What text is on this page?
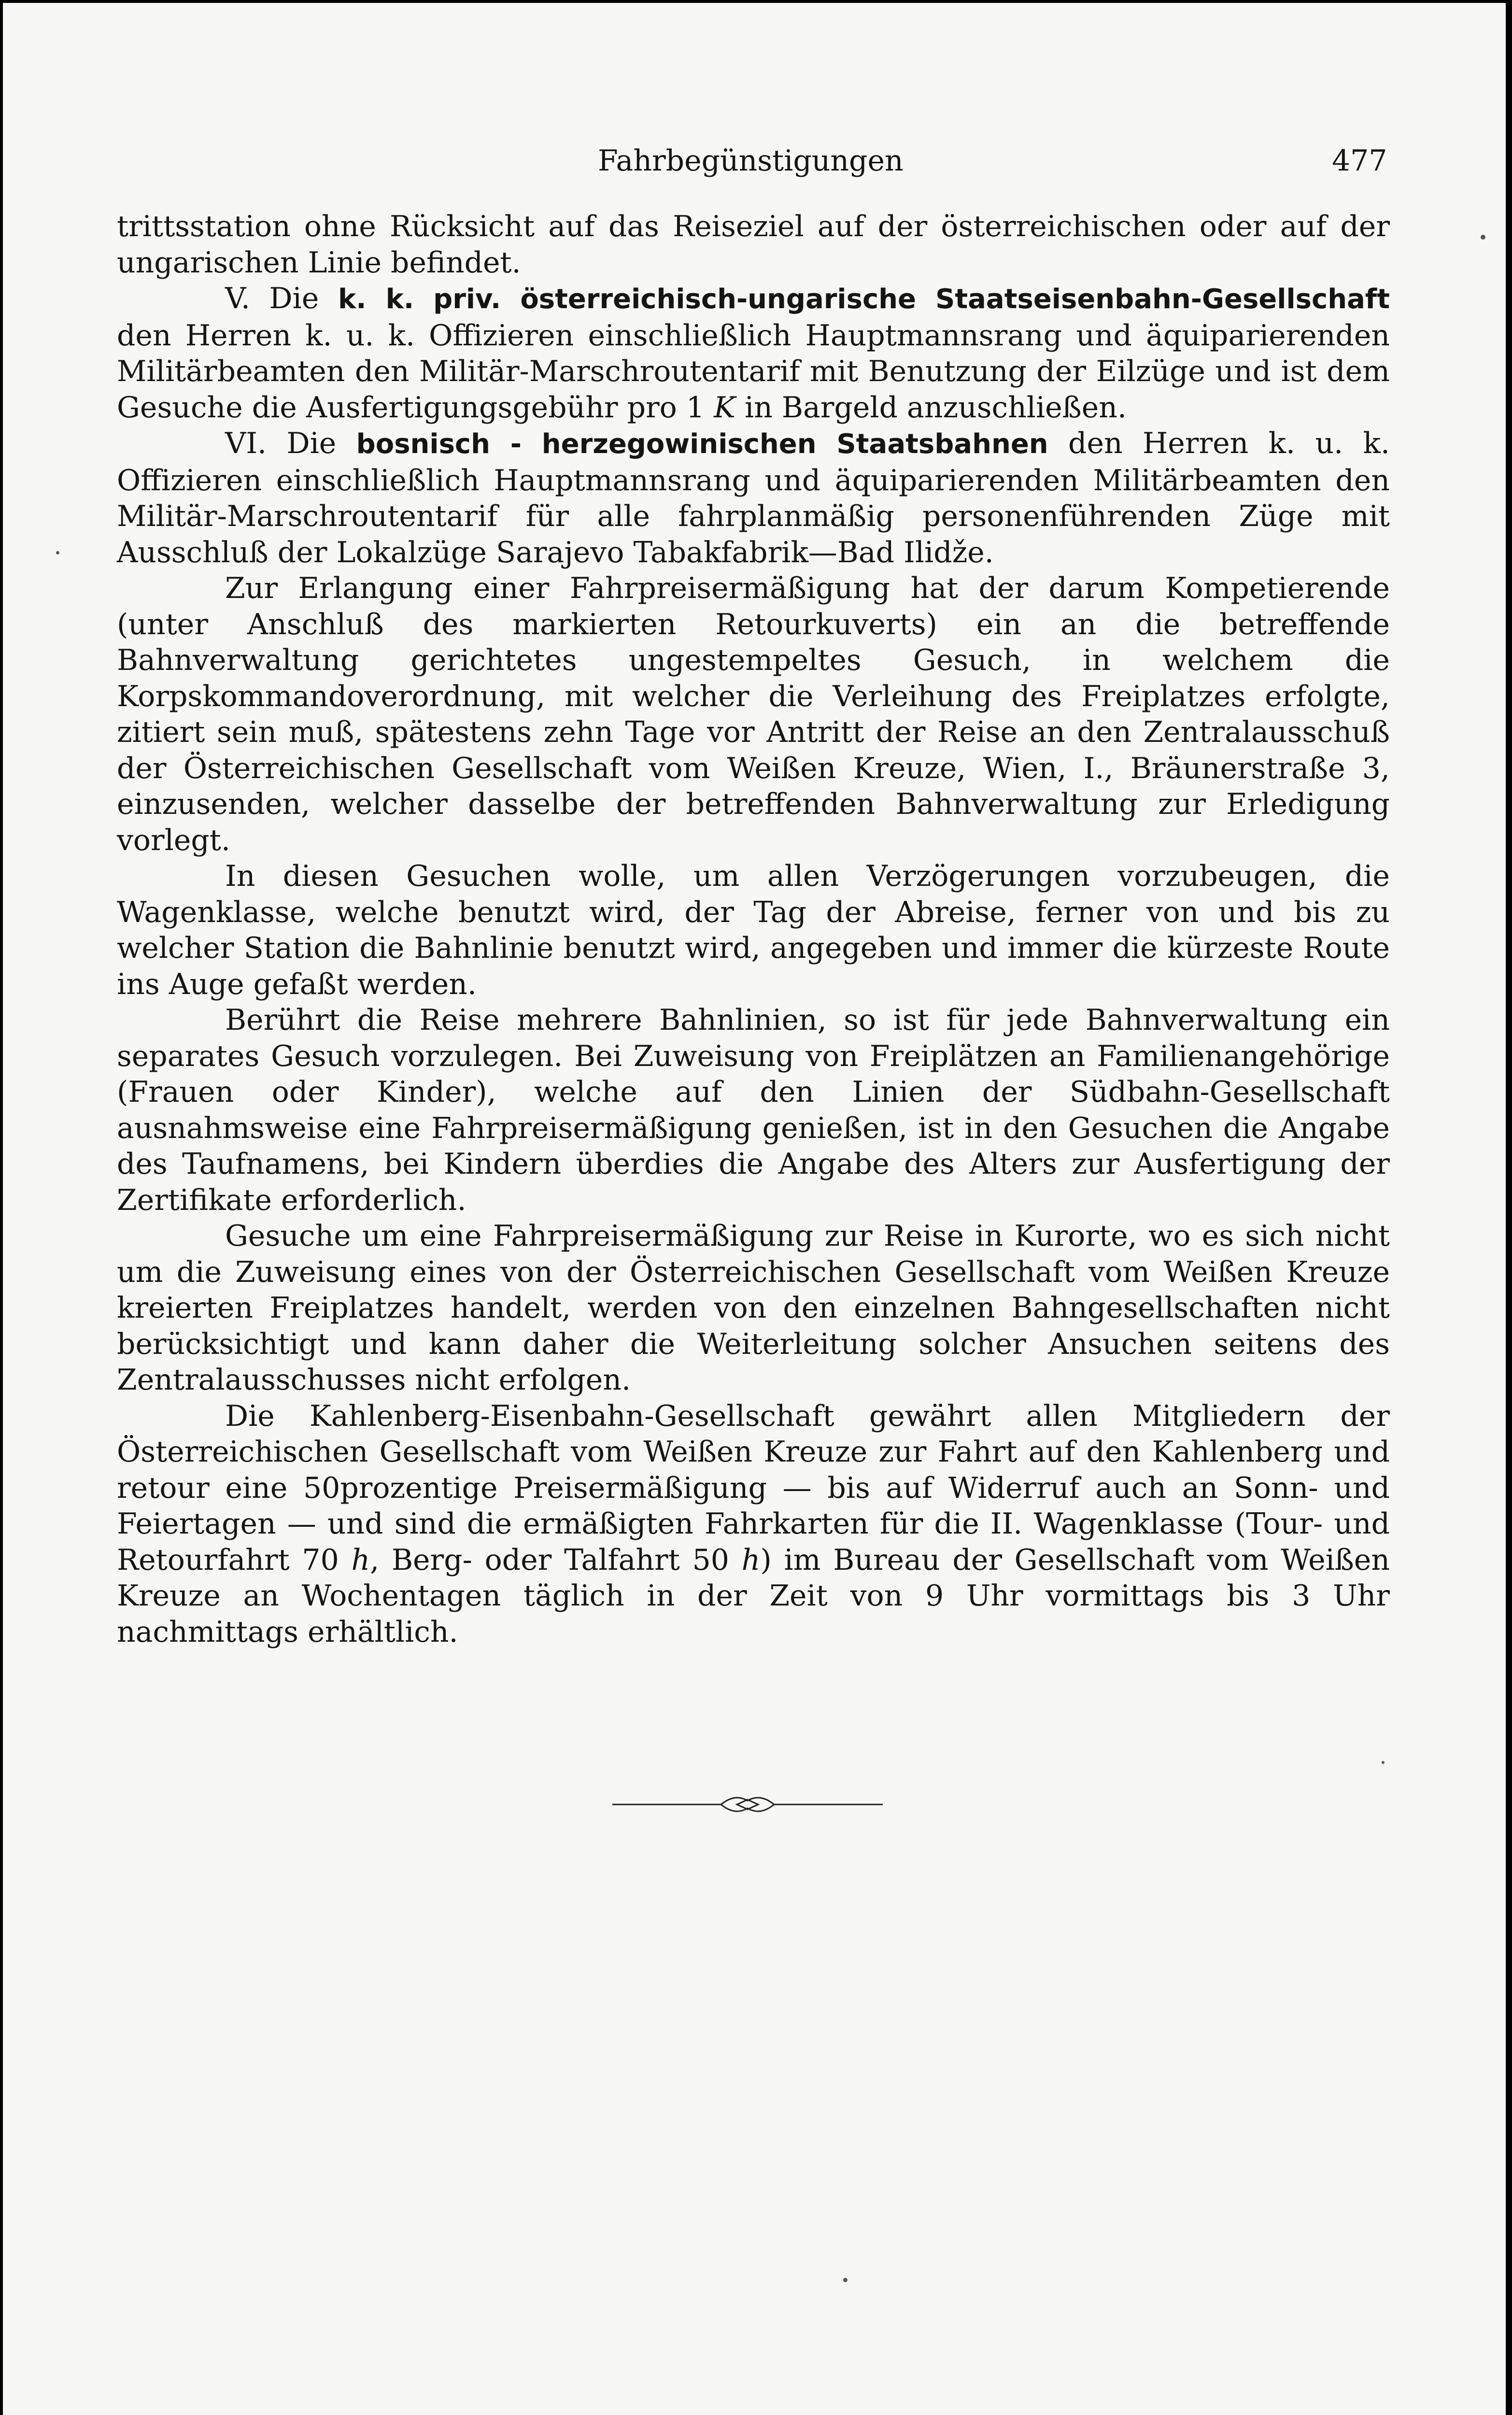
Fahrbegünstigungen	477

trittsstation ohne Rücksicht auf das Reiseziel auf der österreichischen oder auf der ungarischen Linie befindet.

V. Die k. k. priv. österreichisch-ungarische Staatseisenbahn-Gesellschaft den Herren k. u. k. Offizieren einschließlich Hauptmannsrang und äquiparierenden Militärbeamten den Militär-Marschroutentarif mit Benutzung der Eilzüge und ist dem Gesuche die Ausfertigungsgebühr pro 1 K in Bargeld anzuschließen.

VI. Die bosnisch - herzegowinischen Staatsbahnen den Herren k. u. k. Offizieren einschließlich Hauptmannsrang und äquiparierenden Militärbeamten den Militär-Marschroutentarif für alle fahrplanmäßig personenführenden Züge mit Ausschluß der Lokalzüge Sarajevo Tabakfabrik—Bad Ilidže.

Zur Erlangung einer Fahrpreisermäßigung hat der darum Kompetierende (unter Anschluß des markierten Retourkuverts) ein an die betreffende Bahnverwaltung gerichtetes ungestempeltes Gesuch, in welchem die Korpskommandoverordnung, mit welcher die Verleihung des Freiplatzes erfolgte, zitiert sein muß, spätestens zehn Tage vor Antritt der Reise an den Zentralausschuß der Österreichischen Gesellschaft vom Weißen Kreuze, Wien, I., Bräunerstraße 3, einzusenden, welcher dasselbe der betreffenden Bahnverwaltung zur Erledigung vorlegt.

In diesen Gesuchen wolle, um allen Verzögerungen vorzubeugen, die Wagenklasse, welche benutzt wird, der Tag der Abreise, ferner von und bis zu welcher Station die Bahnlinie benutzt wird, angegeben und immer die kürzeste Route ins Auge gefaßt werden.

Berührt die Reise mehrere Bahnlinien, so ist für jede Bahnverwaltung ein separates Gesuch vorzulegen. Bei Zuweisung von Freiplätzen an Familienangehörige (Frauen oder Kinder), welche auf den Linien der Südbahn-Gesellschaft ausnahmsweise eine Fahrpreisermäßigung genießen, ist in den Gesuchen die Angabe des Taufnamens, bei Kindern überdies die Angabe des Alters zur Ausfertigung der Zertifikate erforderlich.

Gesuche um eine Fahrpreisermäßigung zur Reise in Kurorte, wo es sich nicht um die Zuweisung eines von der Österreichischen Gesellschaft vom Weißen Kreuze kreierten Freiplatzes handelt, werden von den einzelnen Bahngesellschaften nicht berücksichtigt und kann daher die Weiterleitung solcher Ansuchen seitens des Zentralausschusses nicht erfolgen.

Die Kahlenberg-Eisenbahn-Gesellschaft gewährt allen Mitgliedern der Österreichischen Gesellschaft vom Weißen Kreuze zur Fahrt auf den Kahlenberg und retour eine 50prozentige Preisermäßigung — bis auf Widerruf auch an Sonn- und Feiertagen — und sind die ermäßigten Fahrkarten für die II. Wagenklasse (Tour- und Retourfahrt 70 h, Berg- oder Talfahrt 50 h) im Bureau der Gesellschaft vom Weißen Kreuze an Wochentagen täglich in der Zeit von 9 Uhr vormittags bis 3 Uhr nachmittags erhältlich.
